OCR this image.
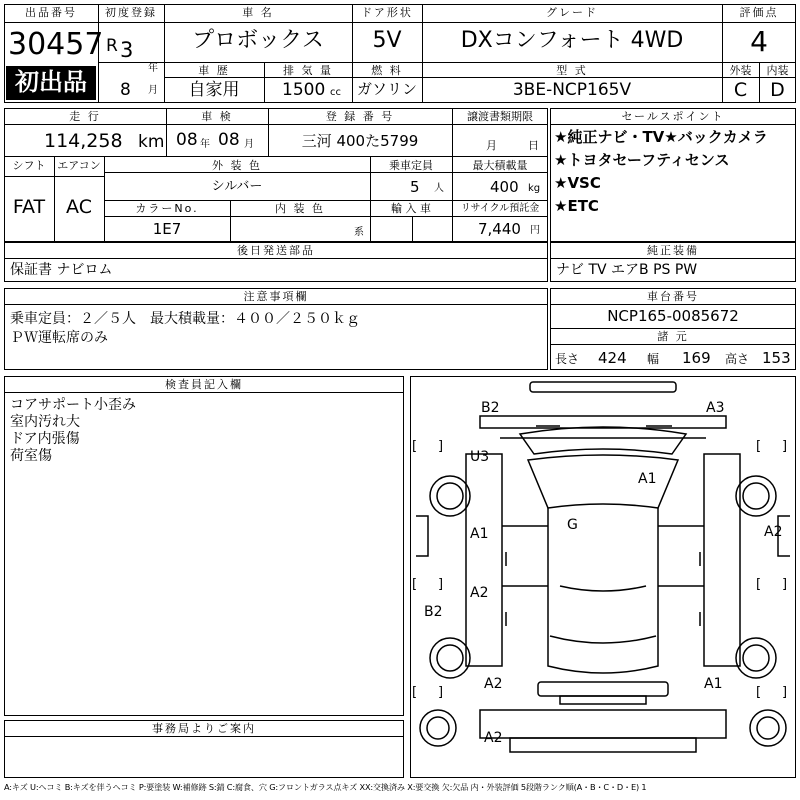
出品番号
30457
初出品
初度登録
R 3
年
8 月
車 名
プロボックス
ドア形状
5V
グレード
DXコンフォート 4WD
評価点
4
外装	内装
C	D
車 歴
自家用
排 気 量
1500 cc
燃 料
ガソリン
型 式
3BE-NCP165V
走 行
114,258 km
車 検
08 年 08 月
登 録 番 号
三河 400た5799
譲渡書類期限
月	日
シフト
FAT
エアコン
AC
外 装 色
シルバー
乗車定員
5 人
最大積載量
400 kg
カラーNo.
1E7
内 装 色
系
輸 入 車	リサイクル預託金
7,440 円
後日発送部品
保証書 ナビロム
セールスポイント
★純正ナビ・TV★バックカメラ
★トヨタセーフティセンス
★VSC
★ETC
純正装備
ナビ TV エアB PS PW
注意事項欄
乗車定員：２／５人　最大積載量：４００／２５０ｋｇ
ＰＷ運転席のみ
車台番号
NCP165-0085672
諸 元
長さ 424 幅 169 高さ 153
検査員記入欄
コアサポート小歪み
室内汚れ大
ドア内張傷
荷室傷
事務局よりご案内
B2	A3
U3
A1
G
A1	A2
A2
B2
A2	A1
A2
[ ]	[ ]
[ ]	[ ]
[ ]	[ ]
A:キズ U:ヘコミ B:キズを伴うヘコミ P:要塗装 W:補修跡 S:錆 C:腐食、穴 G:フロントガラス点キズ XX:交換済み X:要交換 欠:欠品 内・外装評価 5段階ランク順(A・B・C・D・E) 1
